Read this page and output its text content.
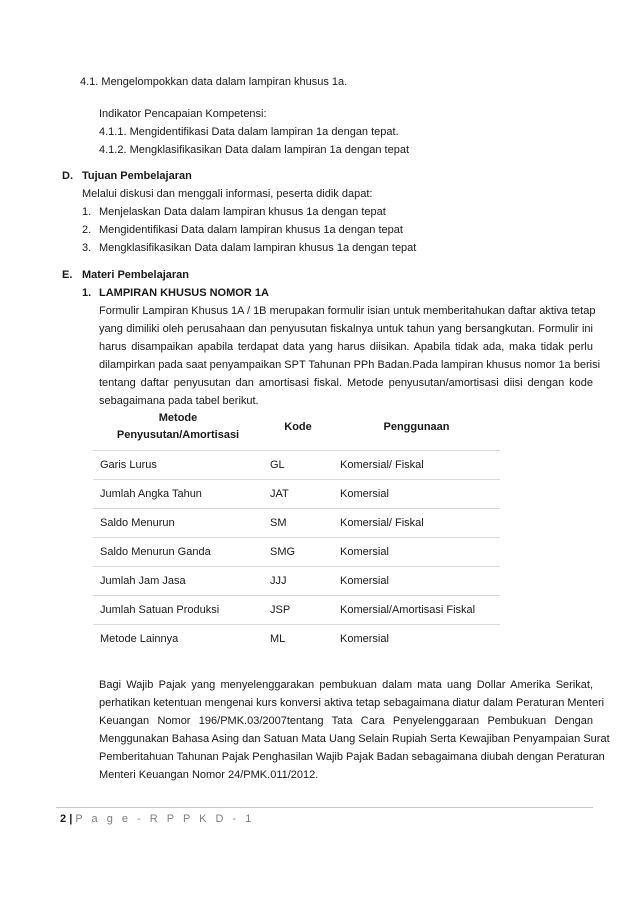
4.1. Mengelompokkan data dalam lampiran khusus 1a.
Indikator Pencapaian Kompetensi:
4.1.1. Mengidentifikasi Data dalam lampiran 1a dengan tepat.
4.1.2. Mengklasifikasikan Data dalam lampiran 1a dengan tepat
D. Tujuan Pembelajaran
Melalui diskusi dan menggali informasi, peserta didik dapat:
1. Menjelaskan Data dalam lampiran khusus 1a dengan tepat
2. Mengidentifikasi Data dalam lampiran khusus 1a dengan tepat
3. Mengklasifikasikan Data dalam lampiran khusus 1a dengan tepat
E. Materi Pembelajaran
1. LAMPIRAN KHUSUS NOMOR 1A
Formulir Lampiran Khusus 1A / 1B merupakan formulir isian untuk memberitahukan daftar aktiva tetap
yang dimiliki oleh perusahaan dan penyusutan fiskalnya untuk tahun yang bersangkutan. Formulir ini
harus disampaikan apabila terdapat data yang harus diisikan. Apabila tidak ada, maka tidak perlu
dilampirkan pada saat penyampaikan SPT Tahunan PPh Badan.Pada lampiran khusus nomor 1a berisi
tentang daftar penyusutan dan amortisasi fiskal. Metode penyusutan/amortisasi diisi dengan kode
sebagaimana pada tabel berikut.
Metode
Penyusutan/Amortisasi	Kode	Penggunaan
Garis Lurus	GL	Komersial/ Fiskal
Jumlah Angka Tahun	JAT	Komersial
Saldo Menurun	SM	Komersial/ Fiskal
Saldo Menurun Ganda	SMG	Komersial
Jumlah Jam Jasa	JJJ	Komersial
Jumlah Satuan Produksi	JSP	Komersial/Amortisasi Fiskal
Metode Lainnya	ML	Komersial
Bagi Wajib Pajak yang menyelenggarakan pembukuan dalam mata uang Dollar Amerika Serikat,
perhatikan ketentuan mengenai kurs konversi aktiva tetap sebagaimana diatur dalam Peraturan Menteri
Keuangan Nomor 196/PMK.03/2007tentang Tata Cara Penyelenggaraan Pembukuan Dengan
Menggunakan Bahasa Asing dan Satuan Mata Uang Selain Rupiah Serta Kewajiban Penyampaian Surat
Pemberitahuan Tahunan Pajak Penghasilan Wajib Pajak Badan sebagaimana diubah dengan Peraturan
Menteri Keuangan Nomor 24/PMK.011/2012.
2 | P a g e - R P P K D - 1
